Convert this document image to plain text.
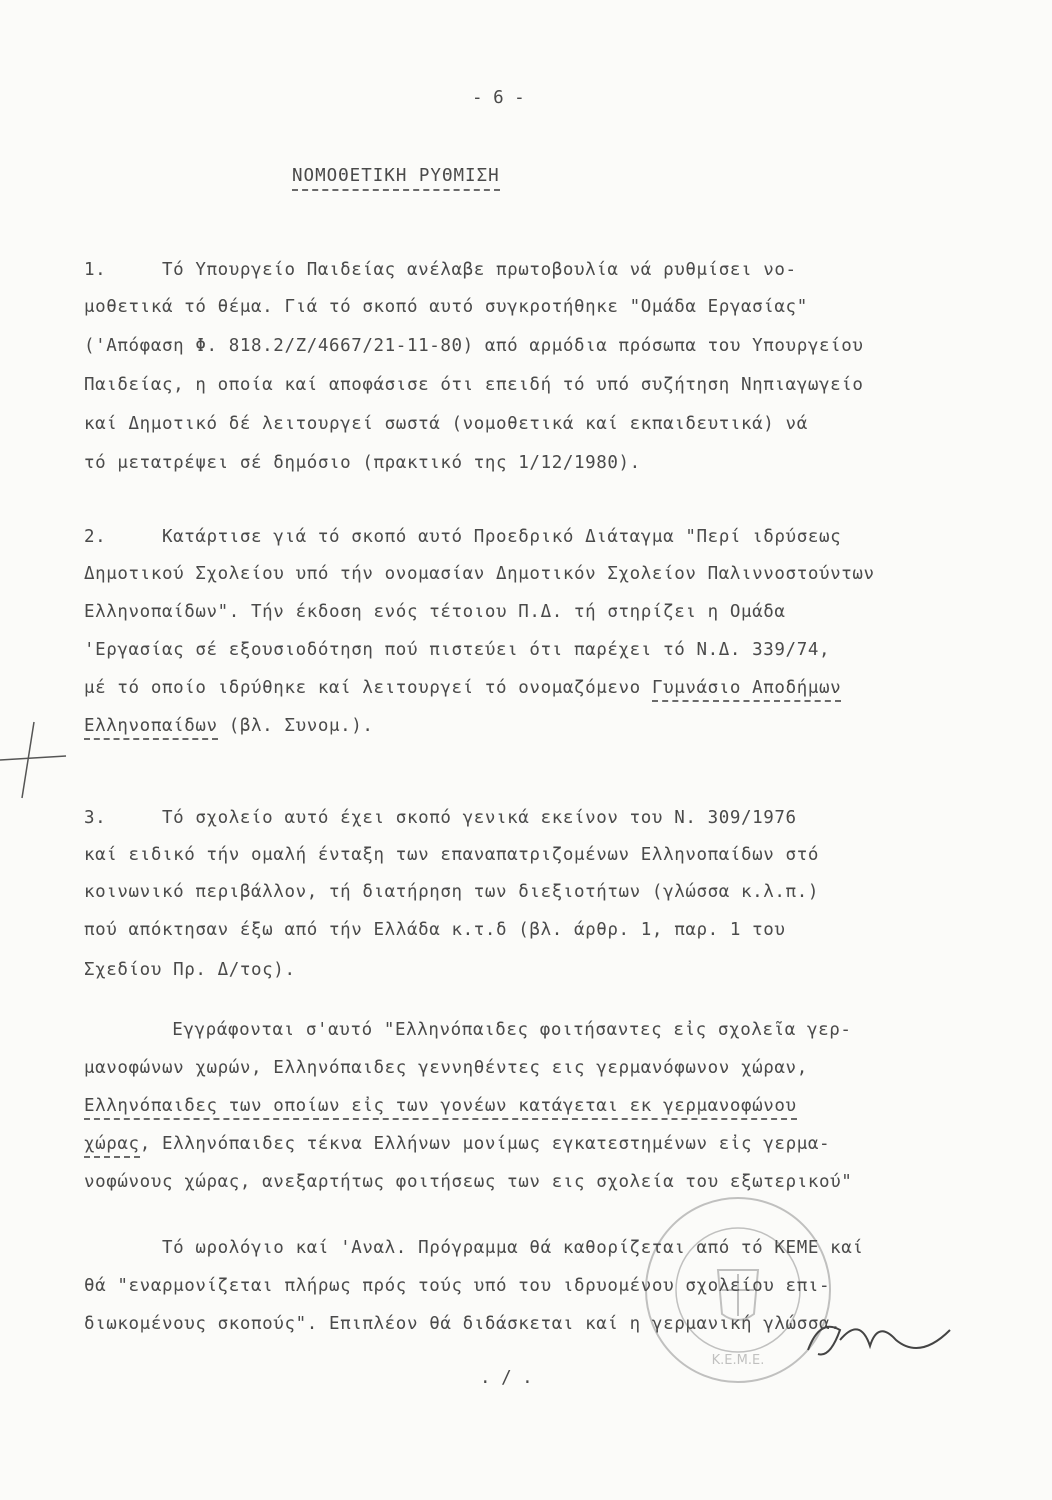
- 6 -
ΝΟΜΟΘΕΤΙΚΗ ΡΥΘΜΙΣΗ
1.     Τό Υπουργείο Παιδείας ανέλαβε πρωτοβουλία νά ρυθμίσει νο-
μοθετικά τό θέμα. Γιά τό σκοπό αυτό συγκροτήθηκε "Ομάδα Εργασίας"
('Απόφαση Φ. 818.2/Ζ/4667/21-11-80) από αρμόδια πρόσωπα του Υπουργείου
Παιδείας, η οποία καί αποφάσισε ότι επειδή τό υπό συζήτηση Νηπιαγωγείο
καί Δημοτικό δέ λειτουργεί σωστά (νομοθετικά καί εκπαιδευτικά) νά
τό μετατρέψει σέ δημόσιο (πρακτικό της 1/12/1980).
2.     Κατάρτισε γιά τό σκοπό αυτό Προεδρικό Διάταγμα "Περί ιδρύσεως
Δημοτικού Σχολείου υπό τήν ονομασίαν Δημοτικόν Σχολείον Παλιννοστούντων
Ελληνοπαίδων". Τήν έκδοση ενός τέτοιου Π.Δ. τή στηρίζει η Ομάδα
'Εργασίας σέ εξουσιοδότηση πού πιστεύει ότι παρέχει τό Ν.Δ. 339/74,
μέ τό οποίο ιδρύθηκε καί λειτουργεί τό ονομαζόμενο Γυμνάσιο Αποδήμων
Ελληνοπαίδων (βλ. Συνομ.).
3.     Τό σχολείο αυτό έχει σκοπό γενικά εκείνον του Ν. 309/1976
καί ειδικό τήν ομαλή ένταξη των επαναπατριζομένων Ελληνοπαίδων στό
κοινωνικό περιβάλλον, τή διατήρηση των διεξιοτήτων (γλώσσα κ.λ.π.)
πού απόκτησαν έξω από τήν Ελλάδα κ.τ.δ (βλ. άρθρ. 1, παρ. 1 του
Σχεδίου Πρ. Δ/τος).
Εγγράφονται σ'αυτό "Ελληνόπαιδες φοιτήσαντες εἰς σχολεῖα γερ-
μανοφώνων χωρών, Ελληνόπαιδες γεννηθέντες εις γερμανόφωνον χώραν,
Ελληνόπαιδες των οποίων εἰς των γονέων κατάγεται εκ γερμανοφώνου
χώρας, Ελληνόπαιδες τέκνα Ελλήνων μονίμως εγκατεστημένων εἰς γερμα-
νοφώνους χώρας, ανεξαρτήτως φοιτήσεως των εις σχολεία του εξωτερικού"
Τό ωρολόγιο καί 'Αναλ. Πρόγραμμα θά καθορίζεται από τό ΚΕΜΕ καί
θά "εναρμονίζεται πλήρως πρός τούς υπό του ιδρυομένου σχολείου επι-
διωκομένους σκοπούς". Επιπλέον θά διδάσκεται καί η γερμανική γλώσσα.
. / .
Κ.Ε.Μ.Ε.
